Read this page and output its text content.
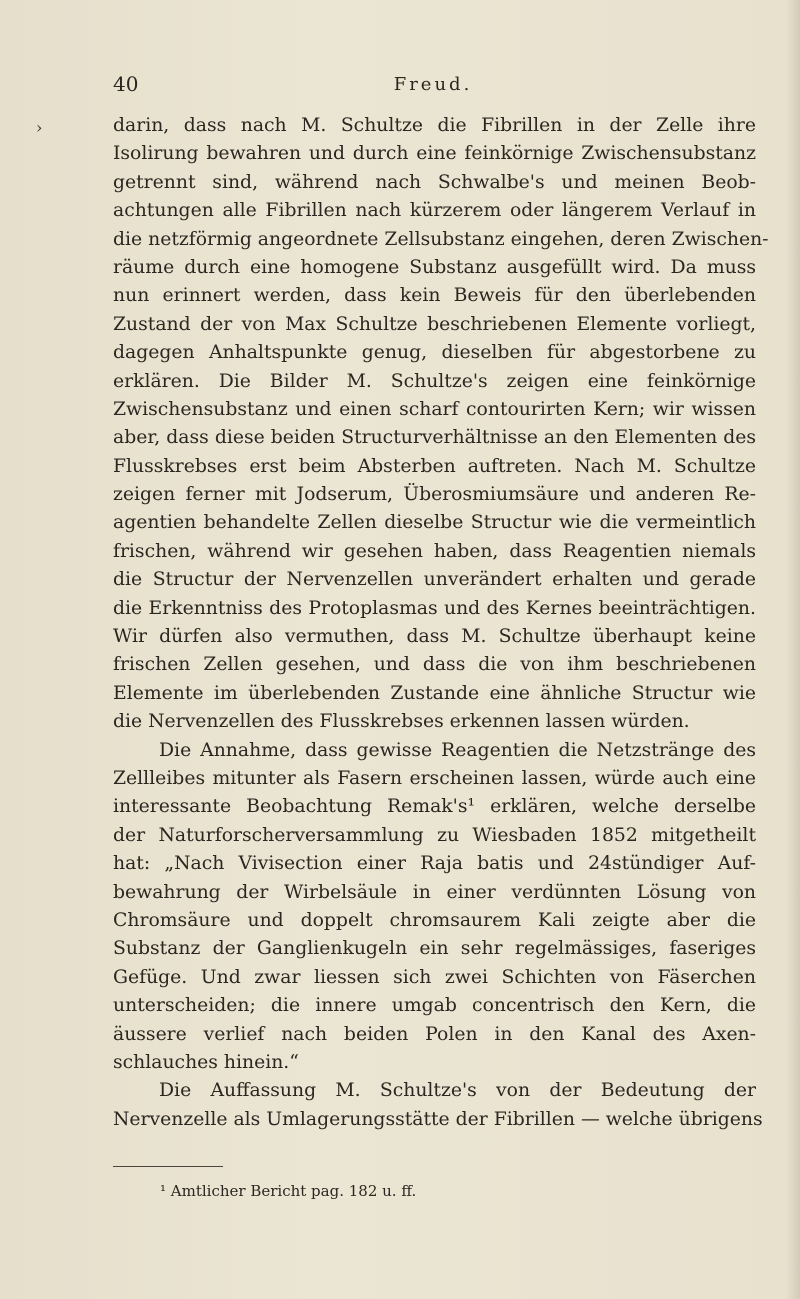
›
40	Freud.
darin, dass nach M. Schultze die Fibrillen in der Zelle ihre
Isolirung bewahren und durch eine feinkörnige Zwischensubstanz
getrennt sind, während nach Schwalbe's und meinen Beob-
achtungen alle Fibrillen nach kürzerem oder längerem Verlauf in
die netzförmig angeordnete Zellsubstanz eingehen, deren Zwischen-
räume durch eine homogene Substanz ausgefüllt wird. Da muss
nun erinnert werden, dass kein Beweis für den überlebenden
Zustand der von Max Schultze beschriebenen Elemente vorliegt,
dagegen Anhaltspunkte genug, dieselben für abgestorbene zu
erklären. Die Bilder M. Schultze's zeigen eine feinkörnige
Zwischensubstanz und einen scharf contourirten Kern; wir wissen
aber, dass diese beiden Structurverhältnisse an den Elementen des
Flusskrebses erst beim Absterben auftreten. Nach M. Schultze
zeigen ferner mit Jodserum, Überosmiumsäure und anderen Re-
agentien behandelte Zellen dieselbe Structur wie die vermeintlich
frischen, während wir gesehen haben, dass Reagentien niemals
die Structur der Nervenzellen unverändert erhalten und gerade
die Erkenntniss des Protoplasmas und des Kernes beeinträchtigen.
Wir dürfen also vermuthen, dass M. Schultze überhaupt keine
frischen Zellen gesehen, und dass die von ihm beschriebenen
Elemente im überlebenden Zustande eine ähnliche Structur wie
die Nervenzellen des Flusskrebses erkennen lassen würden.
Die Annahme, dass gewisse Reagentien die Netzstränge des
Zellleibes mitunter als Fasern erscheinen lassen, würde auch eine
interessante Beobachtung Remak's¹ erklären, welche derselbe
der Naturforscherversammlung zu Wiesbaden 1852 mitgetheilt
hat: „Nach Vivisection einer Raja batis und 24stündiger Auf-
bewahrung der Wirbelsäule in einer verdünnten Lösung von
Chromsäure und doppelt chromsaurem Kali zeigte aber die
Substanz der Ganglienkugeln ein sehr regelmässiges, faseriges
Gefüge. Und zwar liessen sich zwei Schichten von Fäserchen
unterscheiden; die innere umgab concentrisch den Kern, die
äussere verlief nach beiden Polen in den Kanal des Axen-
schlauches hinein.“
Die Auffassung M. Schultze's von der Bedeutung der
Nervenzelle als Umlagerungsstätte der Fibrillen — welche übrigens
¹ Amtlicher Bericht pag. 182 u. ff.
